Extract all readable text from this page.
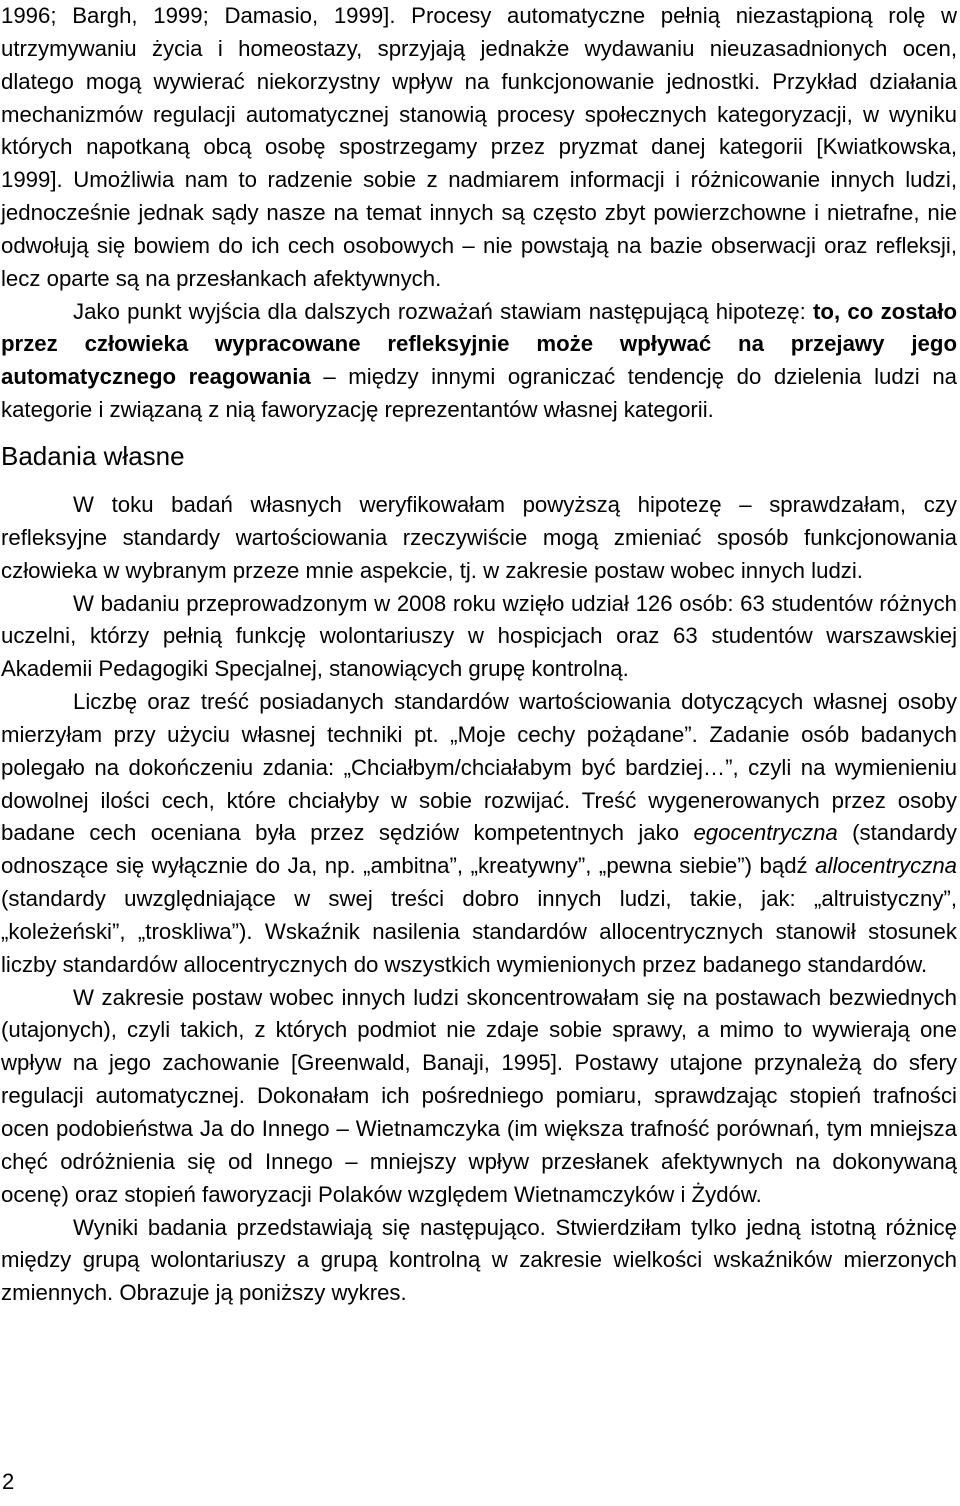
1996; Bargh, 1999; Damasio, 1999]. Procesy automatyczne pełnią niezastąpioną rolę w utrzymywaniu życia i homeostazy, sprzyjają jednakże wydawaniu nieuzasadnionych ocen, dlatego mogą wywierać niekorzystny wpływ na funkcjonowanie jednostki. Przykład działania mechanizmów regulacji automatycznej stanowią procesy społecznych kategoryzacji, w wyniku których napotkaną obcą osobę spostrzegamy przez pryzmat danej kategorii [Kwiatkowska, 1999]. Umożliwia nam to radzenie sobie z nadmiarem informacji i różnicowanie innych ludzi, jednocześnie jednak sądy nasze na temat innych są często zbyt powierzchowne i nietrafne, nie odwołują się bowiem do ich cech osobowych – nie powstają na bazie obserwacji oraz refleksji, lecz oparte są na przesłankach afektywnych.

Jako punkt wyjścia dla dalszych rozważań stawiam następującą hipotezę: to, co zostało przez człowieka wypracowane refleksyjnie może wpływać na przejawy jego automatycznego reagowania – między innymi ograniczać tendencję do dzielenia ludzi na kategorie i związaną z nią faworyzację reprezentantów własnej kategorii.

Badania własne

W toku badań własnych weryfikowałam powyższą hipotezę – sprawdzałam, czy refleksyjne standardy wartościowania rzeczywiście mogą zmieniać sposób funkcjonowania człowieka w wybranym przeze mnie aspekcie, tj. w zakresie postaw wobec innych ludzi.

W badaniu przeprowadzonym w 2008 roku wzięło udział 126 osób: 63 studentów różnych uczelni, którzy pełnią funkcję wolontariuszy w hospicjach oraz 63 studentów warszawskiej Akademii Pedagogiki Specjalnej, stanowiących grupę kontrolną.

Liczbę oraz treść posiadanych standardów wartościowania dotyczących własnej osoby mierzyłam przy użyciu własnej techniki pt. „Moje cechy pożądane”. Zadanie osób badanych polegało na dokończeniu zdania: „Chciałbym/chciałabym być bardziej…”, czyli na wymienieniu dowolnej ilości cech, które chciałyby w sobie rozwijać. Treść wygenerowanych przez osoby badane cech oceniana była przez sędziów kompetentnych jako egocentryczna (standardy odnoszące się wyłącznie do Ja, np. „ambitna”, „kreatywny”, „pewna siebie”) bądź allocentryczna (standardy uwzględniające w swej treści dobro innych ludzi, takie, jak: „altruistyczny”, „koleżeński”, „troskliwa”). Wskaźnik nasilenia standardów allocentrycznych stanowił stosunek liczby standardów allocentrycznych do wszystkich wymienionych przez badanego standardów.

W zakresie postaw wobec innych ludzi skoncentrowałam się na postawach bezwiednych (utajonych), czyli takich, z których podmiot nie zdaje sobie sprawy, a mimo to wywierają one wpływ na jego zachowanie [Greenwald, Banaji, 1995]. Postawy utajone przynależą do sfery regulacji automatycznej. Dokonałam ich pośredniego pomiaru, sprawdzając stopień trafności ocen podobieństwa Ja do Innego – Wietnamczyka (im większa trafność porównań, tym mniejsza chęć odróżnienia się od Innego – mniejszy wpływ przesłanek afektywnych na dokonywaną ocenę) oraz stopień faworyzacji Polaków względem Wietnamczyków i Żydów.

Wyniki badania przedstawiają się następująco. Stwierdziłam tylko jedną istotną różnicę między grupą wolontariuszy a grupą kontrolną w zakresie wielkości wskaźników mierzonych zmiennych. Obrazuje ją poniższy wykres.

2
